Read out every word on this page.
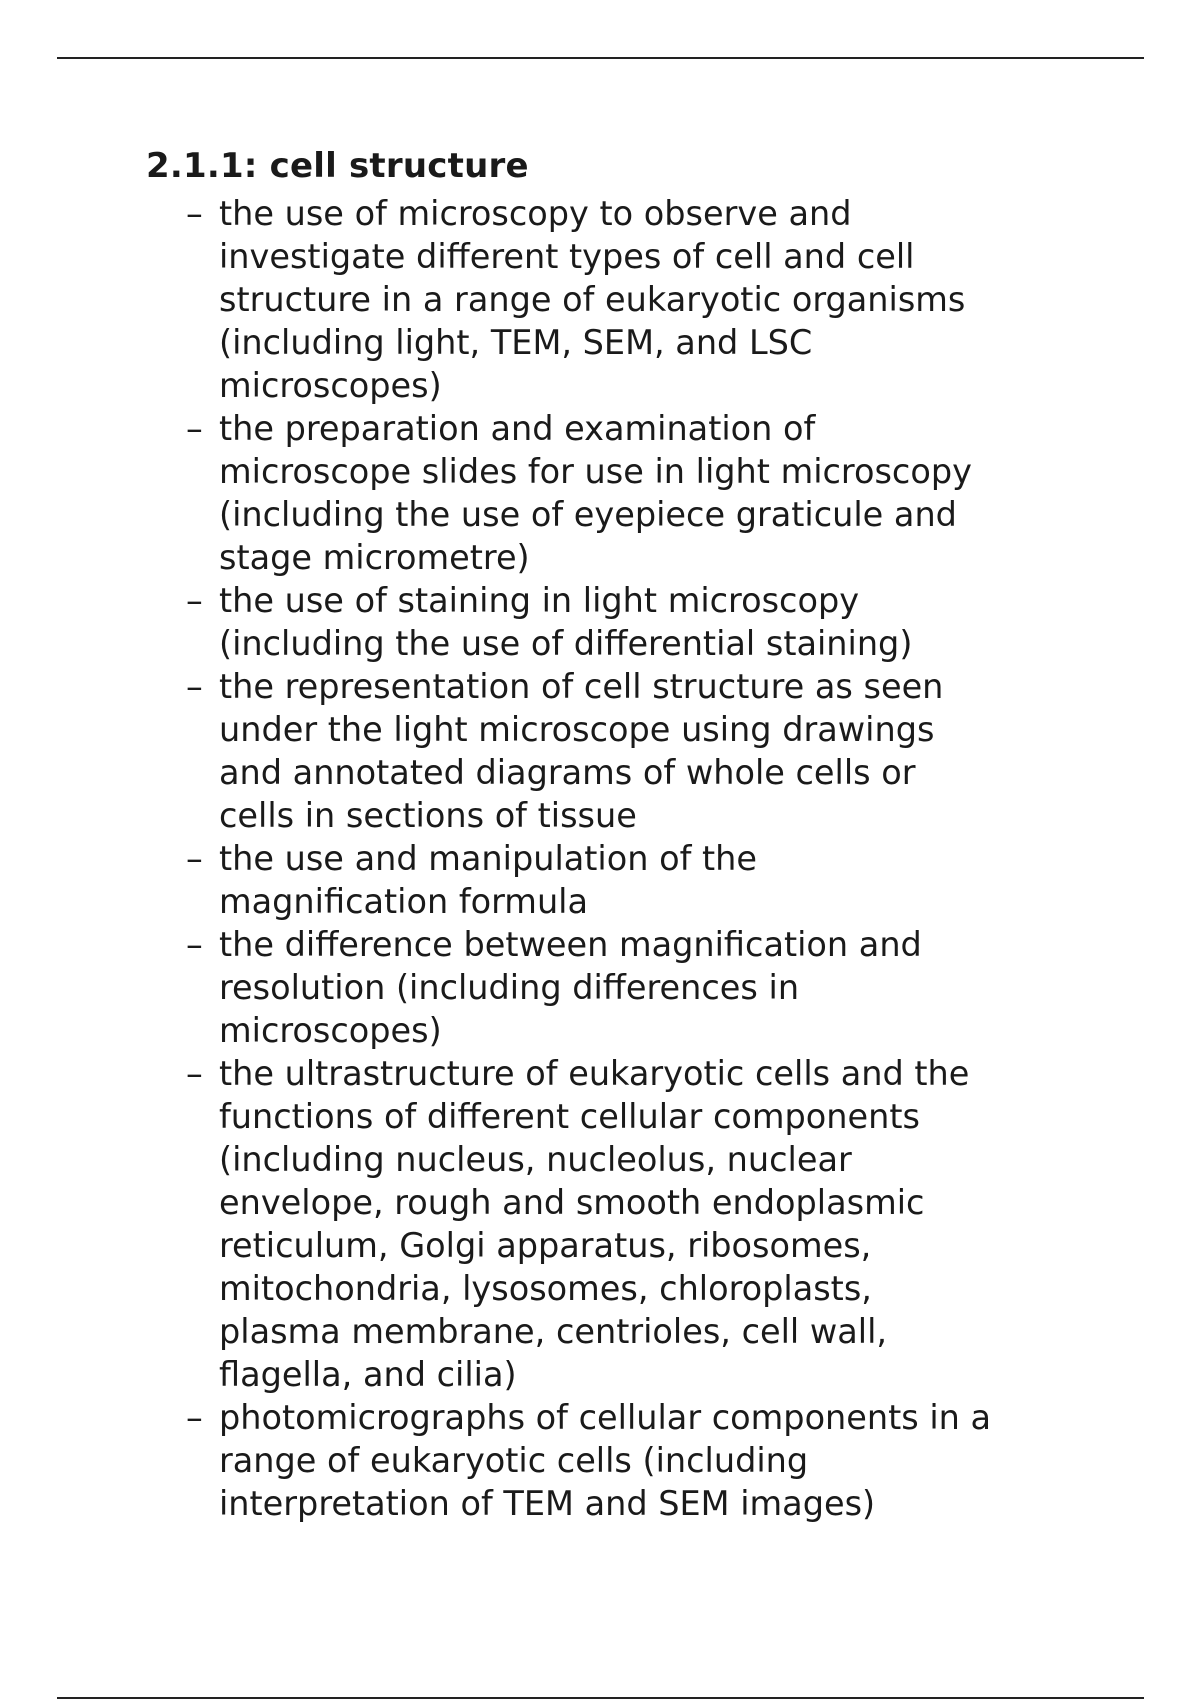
2.1.1: cell structure
– the use of microscopy to observe and
investigate different types of cell and cell
structure in a range of eukaryotic organisms
(including light, TEM, SEM, and LSC
microscopes)
– the preparation and examination of
microscope slides for use in light microscopy
(including the use of eyepiece graticule and
stage micrometre)
– the use of staining in light microscopy
(including the use of differential staining)
– the representation of cell structure as seen
under the light microscope using drawings
and annotated diagrams of whole cells or
cells in sections of tissue
– the use and manipulation of the
magnification formula
– the difference between magnification and
resolution (including differences in
microscopes)
– the ultrastructure of eukaryotic cells and the
functions of different cellular components
(including nucleus, nucleolus, nuclear
envelope, rough and smooth endoplasmic
reticulum, Golgi apparatus, ribosomes,
mitochondria, lysosomes, chloroplasts,
plasma membrane, centrioles, cell wall,
flagella, and cilia)
– photomicrographs of cellular components in a
range of eukaryotic cells (including
interpretation of TEM and SEM images)
